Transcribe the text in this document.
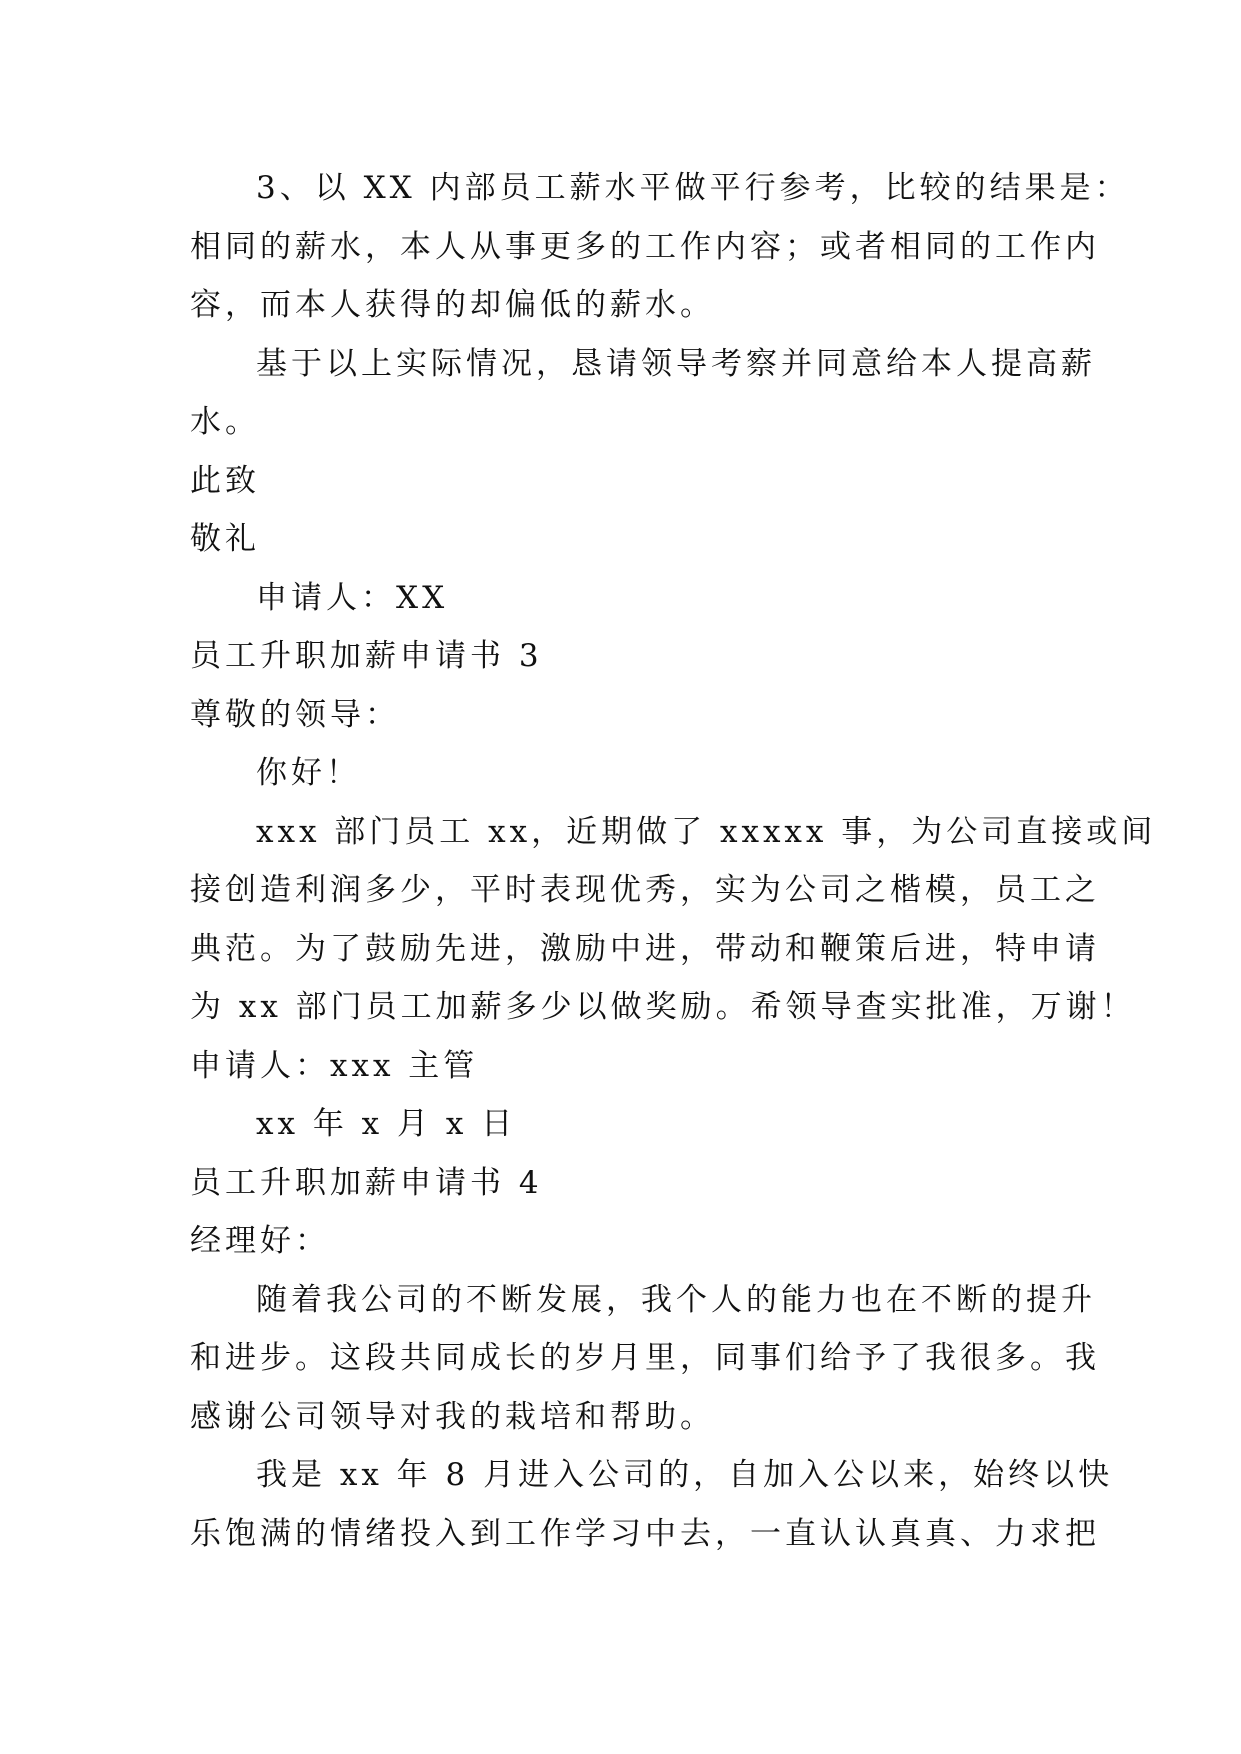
3、以 XX 内部员工薪水平做平行参考，比较的结果是：
相同的薪水，本人从事更多的工作内容；或者相同的工作内
容，而本人获得的却偏低的薪水。
基于以上实际情况，恳请领导考察并同意给本人提高薪
水。
此致
敬礼
申请人：XX
员工升职加薪申请书 3
尊敬的领导：
你好！
xxx 部门员工 xx，近期做了 xxxxx 事，为公司直接或间
接创造利润多少，平时表现优秀，实为公司之楷模，员工之
典范。为了鼓励先进，激励中进，带动和鞭策后进，特申请
为 xx 部门员工加薪多少以做奖励。希领导查实批准，万谢！
申请人：xxx 主管
xx 年 x 月 x 日
员工升职加薪申请书 4
经理好：
随着我公司的不断发展，我个人的能力也在不断的提升
和进步。这段共同成长的岁月里，同事们给予了我很多。我
感谢公司领导对我的栽培和帮助。
我是 xx 年 8 月进入公司的，自加入公以来，始终以快
乐饱满的情绪投入到工作学习中去，一直认认真真、力求把
